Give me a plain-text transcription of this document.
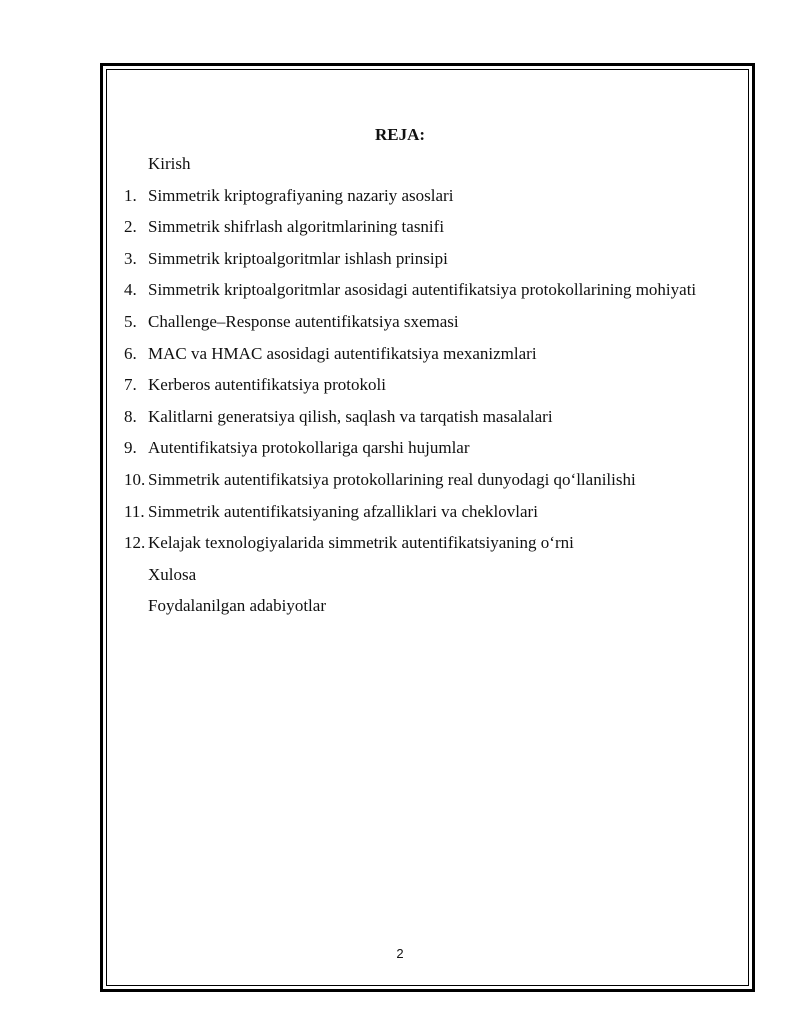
REJA:
Kirish
1. Simmetrik kriptografiyaning nazariy asoslari
2. Simmetrik shifrlash algoritmlarining tasnifi
3. Simmetrik kriptoalgoritmlar ishlash prinsipi
4. Simmetrik kriptoalgoritmlar asosidagi autentifikatsiya protokollarining mohiyati
5. Challenge–Response autentifikatsiya sxemasi
6. MAC va HMAC asosidagi autentifikatsiya mexanizmlari
7. Kerberos autentifikatsiya protokoli
8. Kalitlarni generatsiya qilish, saqlash va tarqatish masalalari
9. Autentifikatsiya protokollariga qarshi hujumlar
10. Simmetrik autentifikatsiya protokollarining real dunyodagi qo‘llanilishi
11. Simmetrik autentifikatsiyaning afzalliklari va cheklovlari
12. Kelajak texnologiyalarida simmetrik autentifikatsiyaning o‘rni
Xulosa
Foydalanilgan adabiyotlar
2
